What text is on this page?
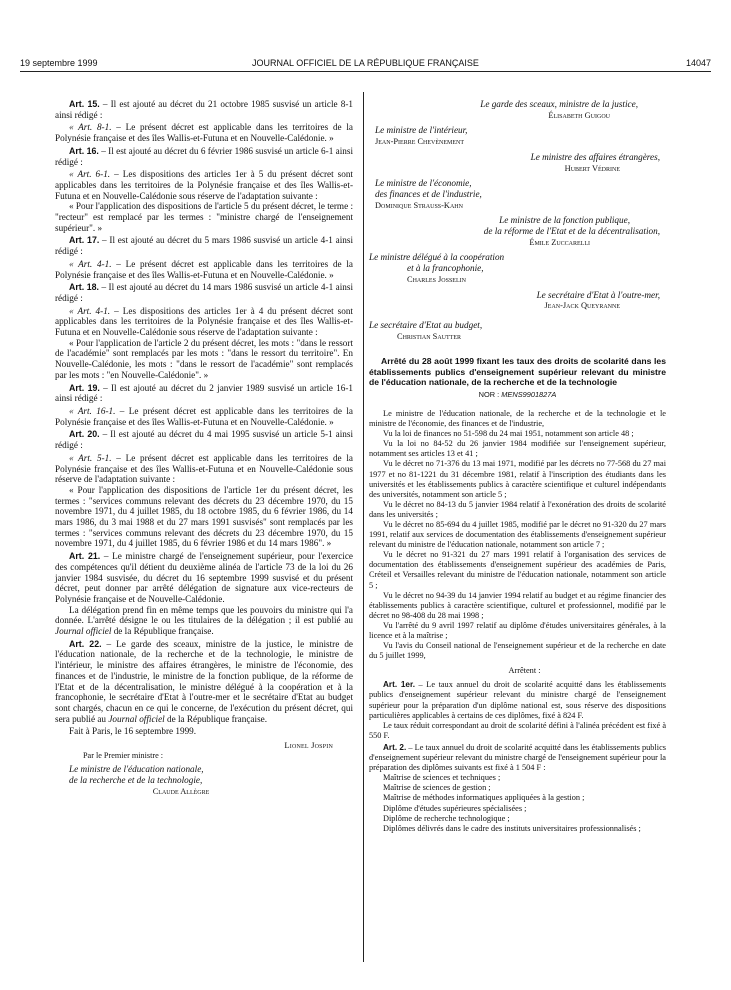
19 septembre 1999	JOURNAL OFFICIEL DE LA RÉPUBLIQUE FRANÇAISE	14047

Art. 15. – Il est ajouté au décret du 21 octobre 1985 susvisé un article 8-1 ainsi rédigé :

« Art. 8-1. – Le présent décret est applicable dans les territoires de la Polynésie française et des îles Wallis-et-Futuna et en Nouvelle-Calédonie. »

Art. 16. – Il est ajouté au décret du 6 février 1986 susvisé un article 6-1 ainsi rédigé :

« Art. 6-1. – Les dispositions des articles 1er à 5 du présent décret sont applicables dans les territoires de la Polynésie française et des îles Wallis-et-Futuna et en Nouvelle-Calédonie sous réserve de l'adaptation suivante :

« Pour l'application des dispositions de l'article 5 du présent décret, le terme : "recteur" est remplacé par les termes : "ministre chargé de l'enseignement supérieur". »

Art. 17. – Il est ajouté au décret du 5 mars 1986 susvisé un article 4-1 ainsi rédigé :

« Art. 4-1. – Le présent décret est applicable dans les territoires de la Polynésie française et des îles Wallis-et-Futuna et en Nouvelle-Calédonie. »

Art. 18. – Il est ajouté au décret du 14 mars 1986 susvisé un article 4-1 ainsi rédigé :

« Art. 4-1. – Les dispositions des articles 1er à 4 du présent décret sont applicables dans les territoires de la Polynésie française et des îles Wallis-et-Futuna et en Nouvelle-Calédonie sous réserve de l'adaptation suivante :

« Pour l'application de l'article 2 du présent décret, les mots : "dans le ressort de l'académie" sont remplacés par les mots : "dans le ressort du territoire". En Nouvelle-Calédonie, les mots : "dans le ressort de l'académie" sont remplacés par les mots : "en Nouvelle-Calédonie". »

Art. 19. – Il est ajouté au décret du 2 janvier 1989 susvisé un article 16-1 ainsi rédigé :

« Art. 16-1. – Le présent décret est applicable dans les territoires de la Polynésie française et des îles Wallis-et-Futuna et en Nouvelle-Calédonie. »

Art. 20. – Il est ajouté au décret du 4 mai 1995 susvisé un article 5-1 ainsi rédigé :

« Art. 5-1. – Le présent décret est applicable dans les territoires de la Polynésie française et des îles Wallis-et-Futuna et en Nouvelle-Calédonie sous réserve de l'adaptation suivante :

« Pour l'application des dispositions de l'article 1er du présent décret, les termes : "services communs relevant des décrets du 23 décembre 1970, du 15 novembre 1971, du 4 juillet 1985, du 18 octobre 1985, du 6 février 1986, du 14 mars 1986, du 3 mai 1988 et du 27 mars 1991 susvisés" sont remplacés par les termes : "services communs relevant des décrets du 23 décembre 1970, du 15 novembre 1971, du 4 juillet 1985, du 6 février 1986 et du 14 mars 1986". »

Art. 21. – Le ministre chargé de l'enseignement supérieur, pour l'exercice des compétences qu'il détient du deuxième alinéa de l'article 73 de la loi du 26 janvier 1984 susvisée, du décret du 16 septembre 1999 susvisé et du présent décret, peut donner par arrêté délégation de signature aux vice-recteurs de Polynésie française et de Nouvelle-Calédonie.

La délégation prend fin en même temps que les pouvoirs du ministre qui l'a donnée. L'arrêté désigne le ou les titulaires de la délégation ; il est publié au Journal officiel de la République française.

Art. 22. – Le garde des sceaux, ministre de la justice, le ministre de l'éducation nationale, de la recherche et de la technologie, le ministre de l'intérieur, le ministre des affaires étrangères, le ministre de l'économie, des finances et de l'industrie, le ministre de la fonction publique, de la réforme de l'Etat et de la décentralisation, le ministre délégué à la coopération et à la francophonie, le secrétaire d'Etat à l'outre-mer et le secrétaire d'Etat au budget sont chargés, chacun en ce qui le concerne, de l'exécution du présent décret, qui sera publié au Journal officiel de la République française.

Fait à Paris, le 16 septembre 1999.

Lionel Jospin

Par le Premier ministre :

Le ministre de l'éducation nationale,

de la recherche et de la technologie,

Claude Allègre

Le garde des sceaux, ministre de la justice,
Élisabeth Guigou
Le ministre de l'intérieur,
Jean-Pierre Chevènement
Le ministre des affaires étrangères,
Hubert Védrine
Le ministre de l'économie,
des finances et de l'industrie,
Dominique Strauss-Kahn
Le ministre de la fonction publique,
de la réforme de l'Etat et de la décentralisation,
Émile Zuccarelli
Le ministre délégué à la coopération
et à la francophonie,
Charles Josselin
Le secrétaire d'Etat à l'outre-mer,
Jean-Jack Queyranne
Le secrétaire d'Etat au budget,
Christian Sautter
Arrêté du 28 août 1999 fixant les taux des droits de scolarité dans les établissements publics d'enseignement supérieur relevant du ministre de l'éducation nationale, de la recherche et de la technologie
NOR : MENS9901827A

Le ministre de l'éducation nationale, de la recherche et de la technologie et le ministre de l'économie, des finances et de l'industrie,

Vu la loi de finances no 51-598 du 24 mai 1951, notamment son article 48 ;

Vu la loi no 84-52 du 26 janvier 1984 modifiée sur l'enseignement supérieur, notamment ses articles 13 et 41 ;

Vu le décret no 71-376 du 13 mai 1971, modifié par les décrets no 77-568 du 27 mai 1977 et no 81-1221 du 31 décembre 1981, relatif à l'inscription des étudiants dans les universités et les établissements publics à caractère scientifique et culturel indépendants des universités, notamment son article 5 ;

Vu le décret no 84-13 du 5 janvier 1984 relatif à l'exonération des droits de scolarité dans les universités ;

Vu le décret no 85-694 du 4 juillet 1985, modifié par le décret no 91-320 du 27 mars 1991, relatif aux services de documentation des établissements d'enseignement supérieur relevant du ministre de l'éducation nationale, notamment son article 7 ;

Vu le décret no 91-321 du 27 mars 1991 relatif à l'organisation des services de documentation des établissements d'enseignement supérieur des académies de Paris, Créteil et Versailles relevant du ministre de l'éducation nationale, notamment son article 5 ;

Vu le décret no 94-39 du 14 janvier 1994 relatif au budget et au régime financier des établissements publics à caractère scientifique, culturel et professionnel, modifié par le décret no 98-408 du 28 mai 1998 ;

Vu l'arrêté du 9 avril 1997 relatif au diplôme d'études universitaires générales, à la licence et à la maîtrise ;

Vu l'avis du Conseil national de l'enseignement supérieur et de la recherche en date du 5 juillet 1999,

Arrêtent :

Art. 1er. – Le taux annuel du droit de scolarité acquitté dans les établissements publics d'enseignement supérieur relevant du ministre chargé de l'enseignement supérieur pour la préparation d'un diplôme national est, sous réserve des dispositions particulières applicables à certains de ces diplômes, fixé à 824 F.

Le taux réduit correspondant au droit de scolarité défini à l'alinéa précédent est fixé à 550 F.

Art. 2. – Le taux annuel du droit de scolarité acquitté dans les établissements publics d'enseignement supérieur relevant du ministre chargé de l'enseignement supérieur pour la préparation des diplômes suivants est fixé à 1 504 F :

Maîtrise de sciences et techniques ;

Maîtrise de sciences de gestion ;

Maîtrise de méthodes informatiques appliquées à la gestion ;

Diplôme d'études supérieures spécialisées ;

Diplôme de recherche technologique ;

Diplômes délivrés dans le cadre des instituts universitaires professionnalisés ;
